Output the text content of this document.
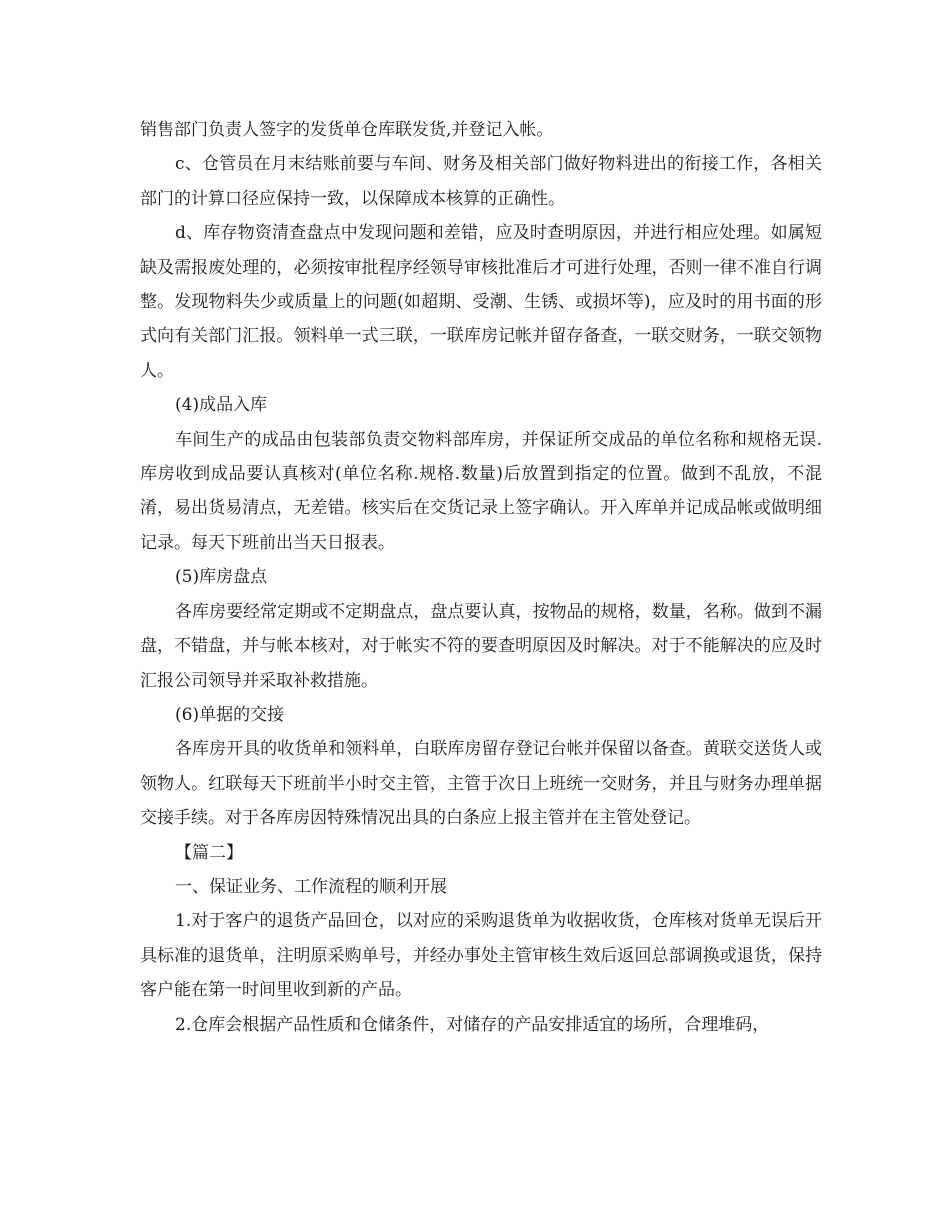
销售部门负责人签字的发货单仓库联发货,并登记入帐。

c、仓管员在月末结账前要与车间、财务及相关部门做好物料进出的衔接工作，各相关部门的计算口径应保持一致，以保障成本核算的正确性。

d、库存物资清查盘点中发现问题和差错，应及时查明原因，并进行相应处理。如属短缺及需报废处理的，必须按审批程序经领导审核批准后才可进行处理，否则一律不准自行调整。发现物料失少或质量上的问题(如超期、受潮、生锈、或损坏等)，应及时的用书面的形式向有关部门汇报。领料单一式三联，一联库房记帐并留存备查，一联交财务，一联交领物人。

(4)成品入库

车间生产的成品由包装部负责交物料部库房，并保证所交成品的单位名称和规格无误.库房收到成品要认真核对(单位名称.规格.数量)后放置到指定的位置。做到不乱放，不混淆，易出货易清点，无差错。核实后在交货记录上签字确认。开入库单并记成品帐或做明细记录。每天下班前出当天日报表。

(5)库房盘点

各库房要经常定期或不定期盘点，盘点要认真，按物品的规格，数量，名称。做到不漏盘，不错盘，并与帐本核对，对于帐实不符的要查明原因及时解决。对于不能解决的应及时汇报公司领导并采取补救措施。

(6)单据的交接

各库房开具的收货单和领料单，白联库房留存登记台帐并保留以备查。黄联交送货人或领物人。红联每天下班前半小时交主管，主管于次日上班统一交财务，并且与财务办理单据交接手续。对于各库房因特殊情况出具的白条应上报主管并在主管处登记。

【篇二】

一、保证业务、工作流程的顺利开展

1.对于客户的退货产品回仓，以对应的采购退货单为收据收货，仓库核对货单无误后开具标准的退货单，注明原采购单号，并经办事处主管审核生效后返回总部调换或退货，保持客户能在第一时间里收到新的产品。

2.仓库会根据产品性质和仓储条件，对储存的产品安排适宜的场所，合理堆码，
